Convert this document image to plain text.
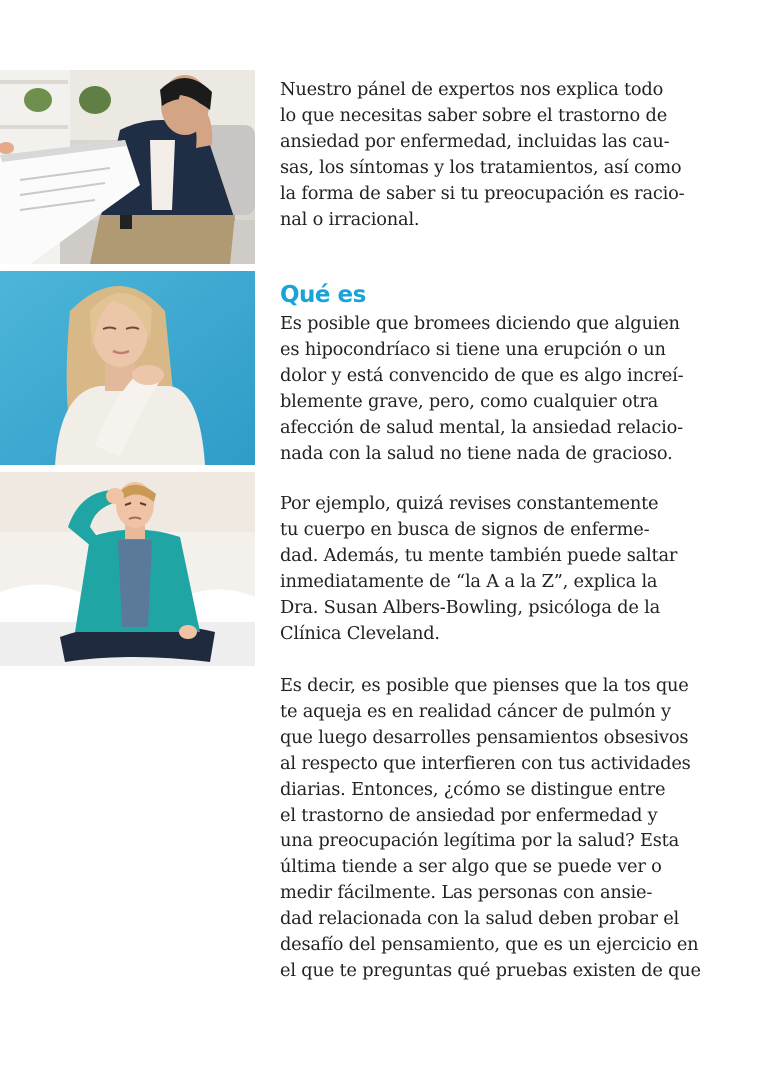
Nuestro pánel de expertos nos explica todo
lo que necesitas saber sobre el trastorno de
ansiedad por enfermedad, incluidas las cau-
sas, los síntomas y los tratamientos, así como
la forma de saber si tu preocupación es racio-
nal o irracional.

Qué es

Es posible que bromees diciendo que alguien
es hipocondríaco si tiene una erupción o un
dolor y está convencido de que es algo increí-
blemente grave, pero, como cualquier otra
afección de salud mental, la ansiedad relacio-
nada con la salud no tiene nada de gracioso.

Por ejemplo, quizá revises constantemente
tu cuerpo en busca de signos de enferme-
dad. Además, tu mente también puede saltar
inmediatamente de “la A a la Z”, explica la
Dra. Susan Albers-Bowling, psicóloga de la
Clínica Cleveland.

Es decir, es posible que pienses que la tos que
te aqueja es en realidad cáncer de pulmón y
que luego desarrolles pensamientos obsesivos
al respecto que interfieren con tus actividades
diarias. Entonces, ¿cómo se distingue entre
el trastorno de ansiedad por enfermedad y
una preocupación legítima por la salud? Esta
última tiende a ser algo que se puede ver o
medir fácilmente. Las personas con ansie-
dad relacionada con la salud deben probar el
desafío del pensamiento, que es un ejercicio en
el que te preguntas qué pruebas existen de que
